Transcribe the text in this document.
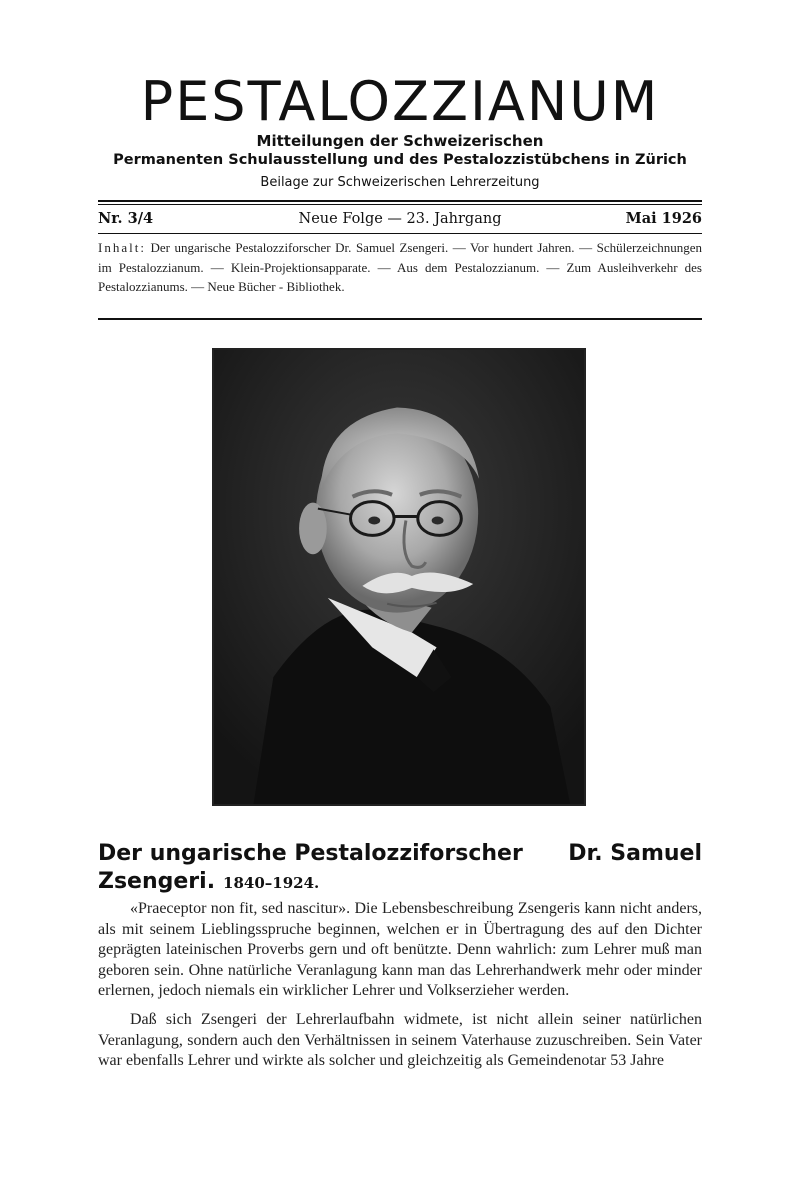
PESTALOZZIANUM
Mitteilungen der Schweizerischen
Permanenten Schulausstellung und des Pestalozzistübchens in Zürich
Beilage zur Schweizerischen Lehrerzeitung
Nr. 3/4	Neue Folge — 23. Jahrgang	Mai 1926
Inhalt: Der ungarische Pestalozziforscher Dr. Samuel Zsengeri. — Vor hundert Jahren. — Schülerzeichnungen im Pestalozzianum. — Klein-Projektionsapparate. — Aus dem Pestalozzianum. — Zum Ausleihverkehr des Pestalozzianums. — Neue Bücher - Bibliothek.
Der ungarische Pestalozziforscher Dr. Samuel
Zsengeri. 1840–1924.

«Praeceptor non fit, sed nascitur». Die Lebensbeschreibung Zsengeris kann nicht anders, als mit seinem Lieblingsspruche beginnen, welchen er in Übertragung des auf den Dichter geprägten lateinischen Proverbs gern und oft benützte. Denn wahrlich: zum Lehrer muß man geboren sein. Ohne natürliche Veranlagung kann man das Lehrerhandwerk mehr oder minder erlernen, jedoch niemals ein wirklicher Lehrer und Volkserzieher werden.

Daß sich Zsengeri der Lehrerlaufbahn widmete, ist nicht allein seiner natürlichen Veranlagung, sondern auch den Verhältnissen in seinem Vaterhause zuzuschreiben. Sein Vater war ebenfalls Lehrer und wirkte als solcher und gleichzeitig als Gemeindenotar 53 Jahre
